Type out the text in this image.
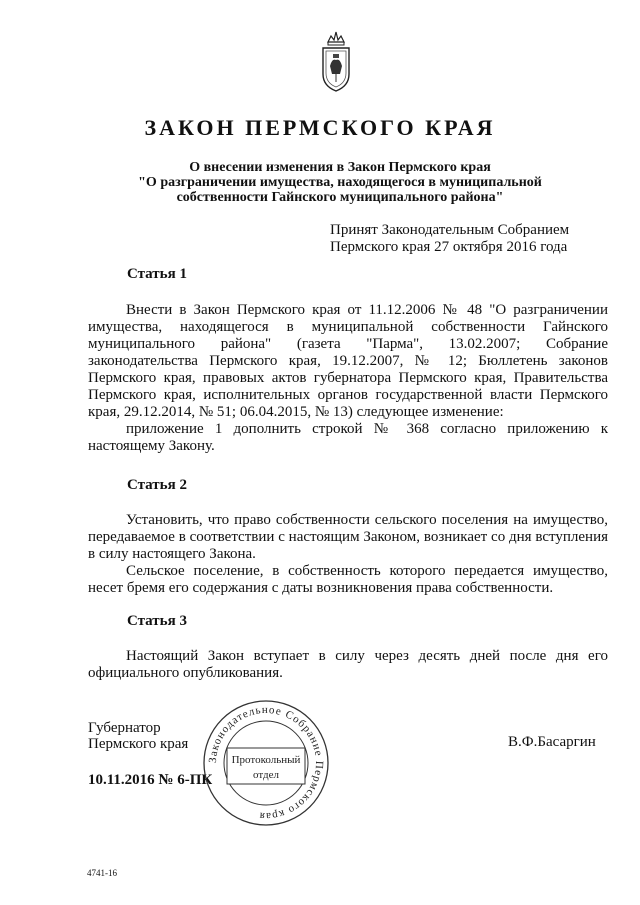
ЗАКОН ПЕРМСКОГО КРАЯ
О внесении изменения в Закон Пермского края
"О разграничении имущества, находящегося в муниципальной
собственности Гайнского муниципального района"
Принят Законодательным Собранием
Пермского края 27 октября 2016 года
Статья 1

Внести в Закон Пермского края от 11.12.2006 № 48 "О разграничении имущества, находящегося в муниципальной собственности Гайнского муниципального района" (газета "Парма", 13.02.2007; Собрание законодательства Пермского края, 19.12.2007, № 12; Бюллетень законов Пермского края, правовых актов губернатора Пермского края, Правительства Пермского края, исполнительных органов государственной власти Пермского края, 29.12.2014, № 51; 06.04.2015, № 13) следующее изменение:

приложение 1 дополнить строкой № 368 согласно приложению к настоящему Закону.

Статья 2

Установить, что право собственности сельского поселения на имущество, передаваемое в соответствии с настоящим Законом, возникает со дня вступления в силу настоящего Закона.

Сельское поселение, в собственность которого передается имущество, несет бремя его содержания с даты возникновения права собственности.

Статья 3

Настоящий Закон вступает в силу через десять дней после дня его официального опубликования.

Губернатор
Пермского края	В.Ф.Басаргин
10.11.2016 № 6-ПК
Законодательное Собрание Пермского края
Протокольный
отдел
4741-16
